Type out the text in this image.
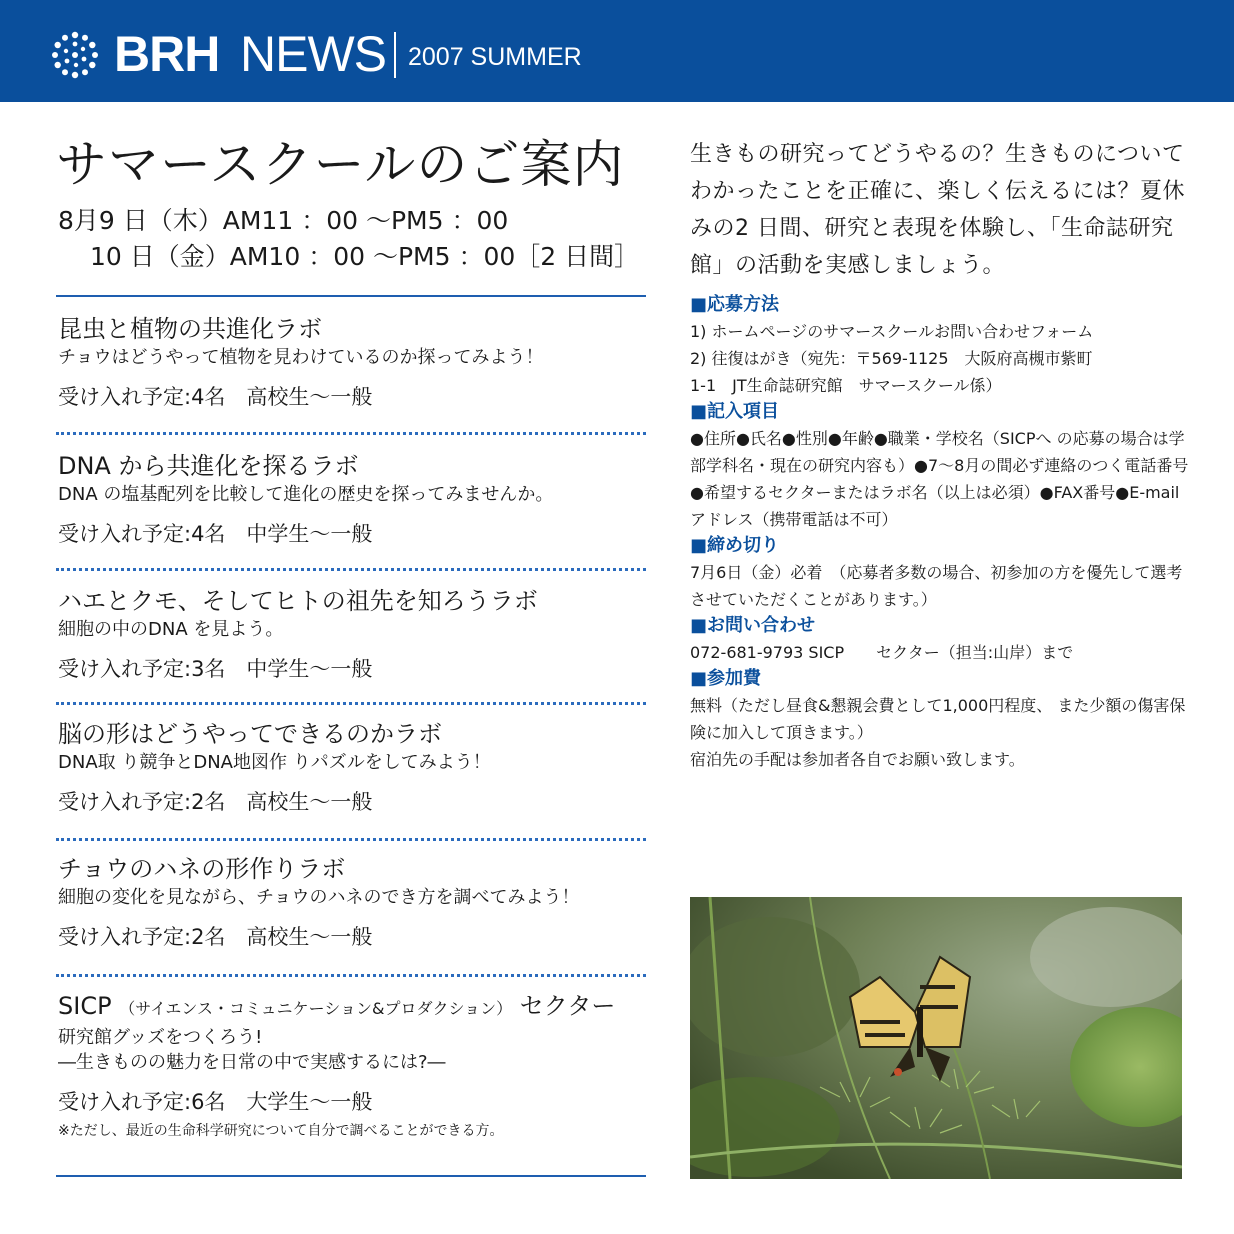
BRH NEWS 2007 SUMMER
サマースクールのご案内
8月9 日（木）AM11 ：00 〜PM5 ：00
10 日（金）AM10 ：00 〜PM5 ：00［2 日間］
昆虫と植物の共進化ラボ
チョウはどうやって植物を見わけているのか探ってみよう！
受け入れ予定:4名　高校生〜一般
DNA から共進化を探るラボ
DNA の塩基配列を比較して進化の歴史を探ってみませんか。
受け入れ予定:4名　中学生〜一般
ハエとクモ、そしてヒトの祖先を知ろうラボ
細胞の中のDNA を見よう。
受け入れ予定:3名　中学生〜一般
脳の形はどうやってできるのかラボ
DNA取 り競争とDNA地図作 りパズルをしてみよう！
受け入れ予定:2名　高校生〜一般
チョウのハネの形作りラボ
細胞の変化を見ながら、チョウのハネのでき方を調べてみよう！
受け入れ予定:2名　高校生〜一般
SICP （サイエンス・コミュニケーション&プロダクション） セクター
研究館グッズをつくろう!
―生きものの魅力を日常の中で実感するには?―
受け入れ予定:6名　大学生〜一般
※ただし、最近の生命科学研究について自分で調べることができる方。
生きもの研究ってどうやるの？生きものについてわかったことを正確に、楽しく伝えるには？夏休みの2 日間、研究と表現を体験し、「生命誌研究館」の活動を実感しましょう。
■応募方法
1) ホームページのサマースクールお問い合わせフォーム
2) 往復はがき（宛先：〒569-1125　大阪府高槻市紫町
1-1　JT生命誌研究館　サマースクール係）
■記入項目
●住所●氏名●性別●年齢●職業・学校名（SICPへ の応募の場合は学部学科名・現在の研究内容も）●7〜8月の間必ず連絡のつく電話番号●希望するセクターまたはラボ名（以上は必須）●FAX番号●E-mail アドレス（携帯電話は不可）
■締め切り
7月6日（金）必着　（応募者多数の場合、初参加の方を優先して選考させていただくことがあります。）
■お問い合わせ
072-681-9793 SICP　　セクター（担当:山岸）まで
■参加費
無料（ただし昼食&懇親会費として1,000円程度、 また少額の傷害保険に加入して頂きます。）
宿泊先の手配は参加者各自でお願い致します。
